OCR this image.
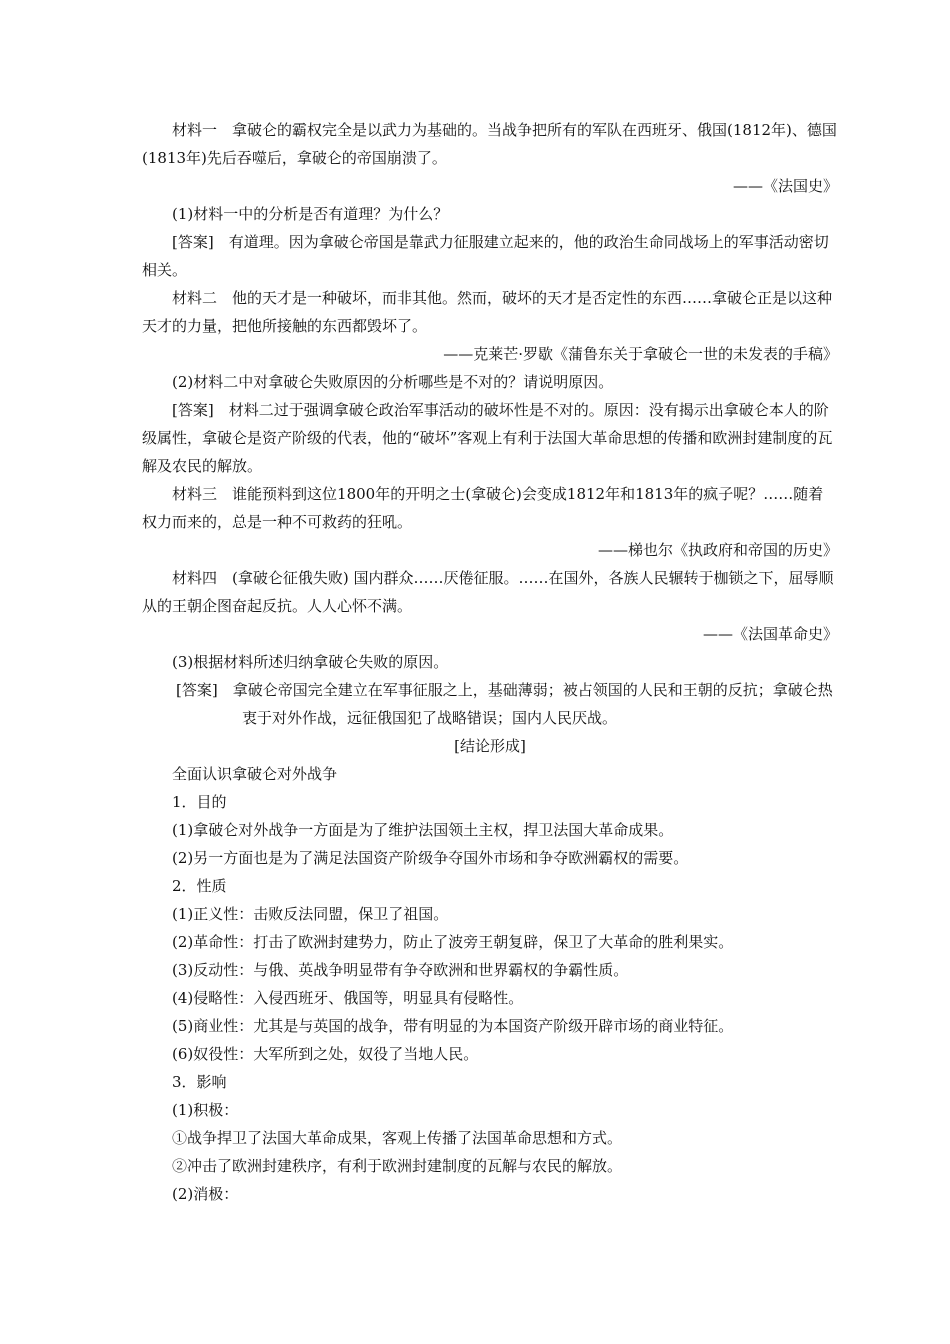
材料一　 拿破仑的霸权完全是以武力为基础的。当战争把所有的军队在西班牙、俄国(1812年)、德国(1813年)先后吞噬后，拿破仑的帝国崩溃了。

——《法国史》

(1)材料一中的分析是否有道理？为什么？

[答案]　 有道理。因为拿破仑帝国是靠武力征服建立起来的，他的政治生命同战场上的军事活动密切相关。

材料二　 他的天才是一种破坏，而非其他。然而，破坏的天才是否定性的东西……拿破仑正是以这种天才的力量，把他所接触的东西都毁坏了。

——克莱芒·罗歇《蒲鲁东关于拿破仑一世的未发表的手稿》

(2)材料二中对拿破仑失败原因的分析哪些是不对的？请说明原因。

[答案]　 材料二过于强调拿破仑政治军事活动的破坏性是不对的。原因：没有揭示出拿破仑本人的阶级属性，拿破仑是资产阶级的代表，他的“破坏”客观上有利于法国大革命思想的传播和欧洲封建制度的瓦解及农民的解放。

材料三　 谁能预料到这位1800年的开明之士(拿破仑)会变成1812年和1813年的疯子呢？……随着权力而来的，总是一种不可救药的狂吼。

——梯也尔《执政府和帝国的历史》

材料四　 (拿破仑征俄失败) 国内群众……厌倦征服。……在国外，各族人民辗转于枷锁之下，屈辱顺从的王朝企图奋起反抗。人人心怀不满。

——《法国革命史》

(3)根据材料所述归纳拿破仑失败的原因。

[答案]　 拿破仑帝国完全建立在军事征服之上，基础薄弱；被占领国的人民和王朝的反抗；拿破仑热衷于对外作战，远征俄国犯了战略错误；国内人民厌战。

[结论形成]

全面认识拿破仑对外战争

1．目的

(1)拿破仑对外战争一方面是为了维护法国领土主权，捍卫法国大革命成果。

(2)另一方面也是为了满足法国资产阶级争夺国外市场和争夺欧洲霸权的需要。

2．性质

(1)正义性：击败反法同盟，保卫了祖国。

(2)革命性：打击了欧洲封建势力，防止了波旁王朝复辟，保卫了大革命的胜利果实。

(3)反动性：与俄、英战争明显带有争夺欧洲和世界霸权的争霸性质。

(4)侵略性：入侵西班牙、俄国等，明显具有侵略性。

(5)商业性：尤其是与英国的战争，带有明显的为本国资产阶级开辟市场的商业特征。

(6)奴役性：大军所到之处，奴役了当地人民。

3．影响

(1)积极：

①战争捍卫了法国大革命成果，客观上传播了法国革命思想和方式。

②冲击了欧洲封建秩序，有利于欧洲封建制度的瓦解与农民的解放。

(2)消极：
